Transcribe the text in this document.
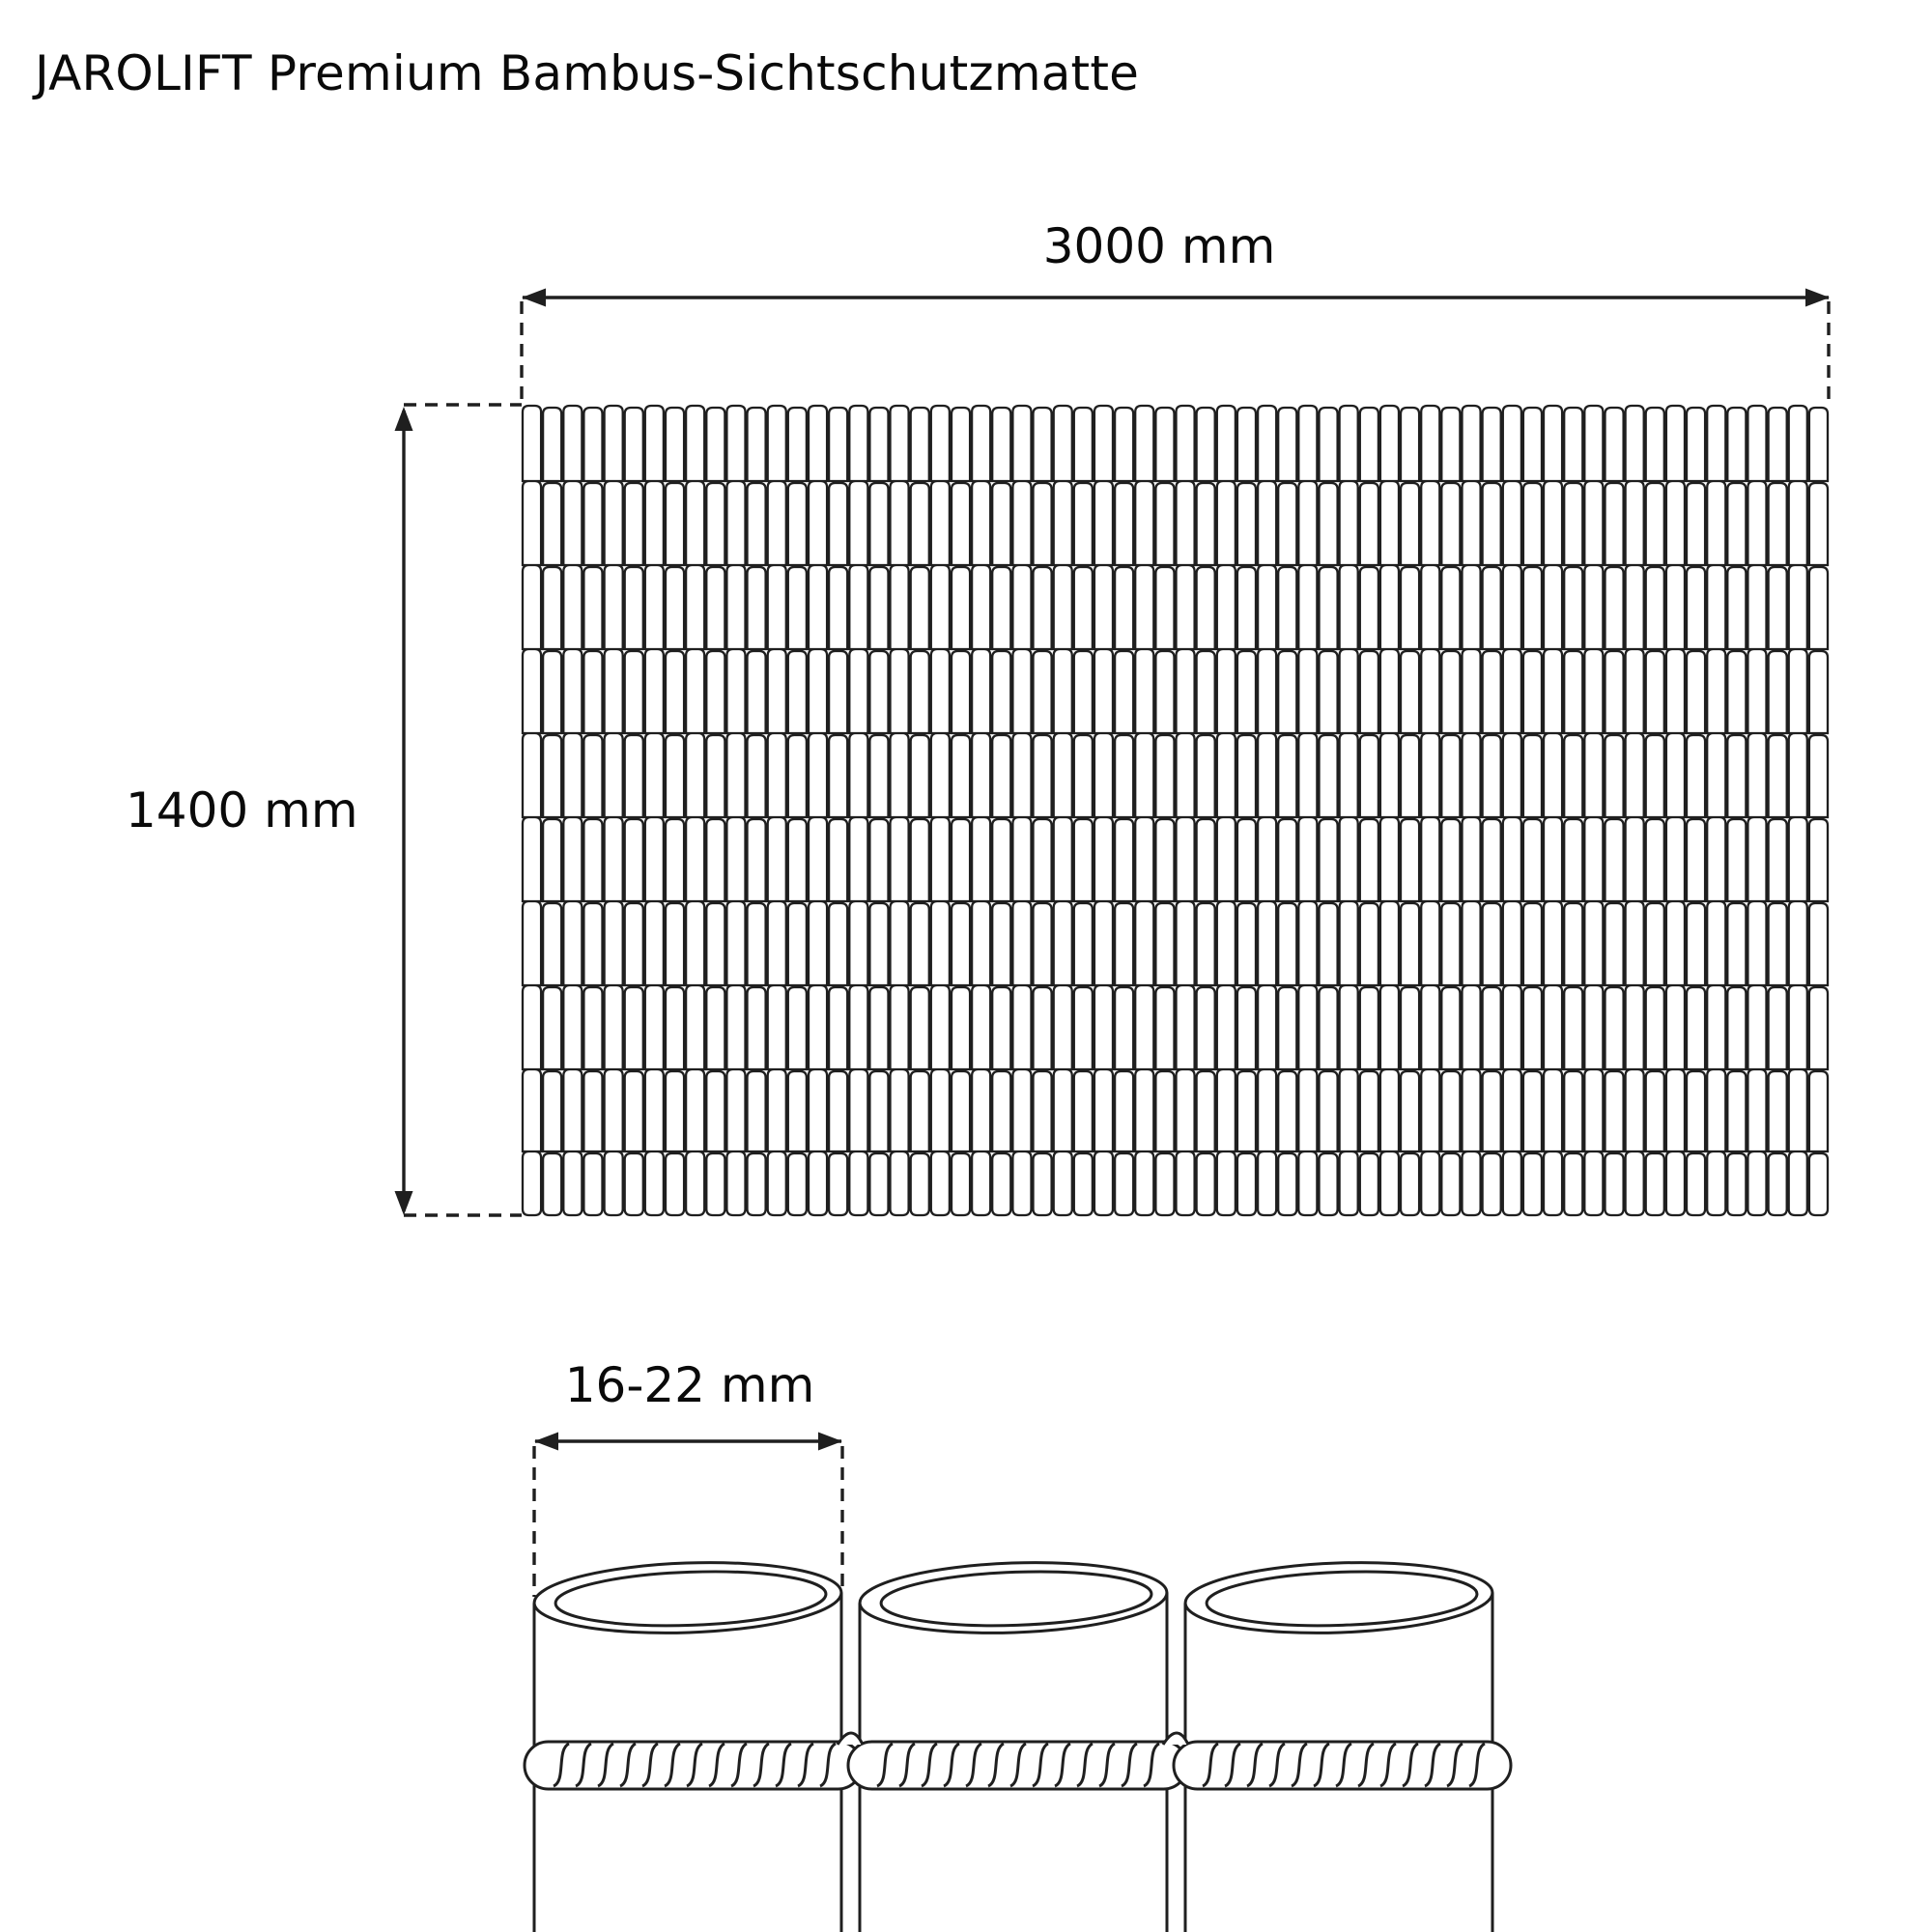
JAROLIFT Premium Bambus-Sichtschutzmatte
3000 mm
1400 mm
16-22 mm
